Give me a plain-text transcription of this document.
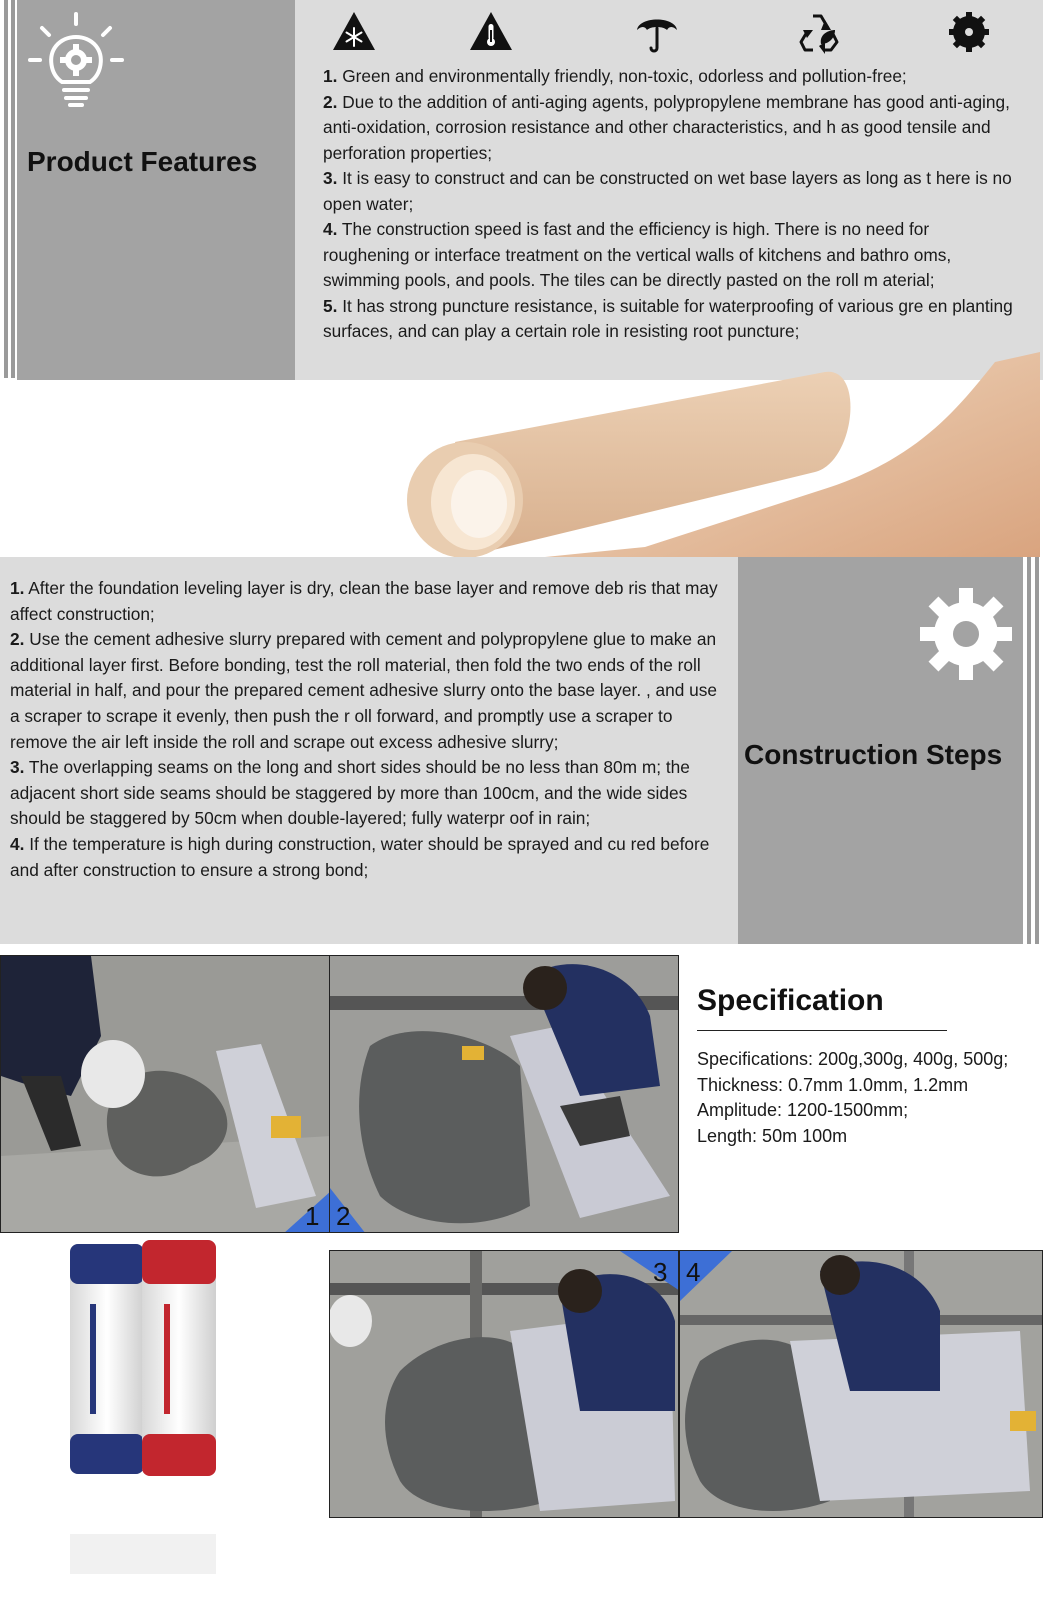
Product Features

1. Green and environmentally friendly, non-toxic, odorless and pollution-free;

2. Due to the addition of anti-aging agents, polypropylene membrane has good anti-aging, anti-oxidation, corrosion resistance and other characteristics, and h as good tensile and perforation properties;

3. It is easy to construct and can be constructed on wet base layers as long as t here is no open water;

4. The construction speed is fast and the efficiency is high. There is no need for roughening or interface treatment on the vertical walls of kitchens and bathro oms, swimming pools, and pools. The tiles can be directly pasted on the roll m aterial;

5. It has strong puncture resistance, is suitable for waterproofing of various gre en planting surfaces, and can play a certain role in resisting root puncture;

Construction Steps

1. After the foundation leveling layer is dry, clean the base layer and remove deb ris that may affect construction;

2. Use the cement adhesive slurry prepared with cement and polypropylene glue to make an additional layer first. Before bonding, test the roll material, then fold the two ends of the roll material in half, and pour the prepared cement adhesive slurry onto the base layer. , and use a scraper to scrape it evenly, then push the r oll forward, and promptly use a scraper to remove the air left inside the roll and scrape out excess adhesive slurry;

3. The overlapping seams on the long and short sides should be no less than 80m m; the adjacent short side seams should be staggered by more than 100cm, and the wide sides should be staggered by 50cm when double-layered; fully waterpr oof in rain;

4. If the temperature is high during construction, water should be sprayed and cu red before and after construction to ensure a strong bond;

1 2
Specification
Specifications: 200g,300g, 400g, 500g;
Thickness: 0.7mm 1.0mm, 1.2mm
Amplitude: 1200-1500mm;
Length: 50m 100m
3 4
